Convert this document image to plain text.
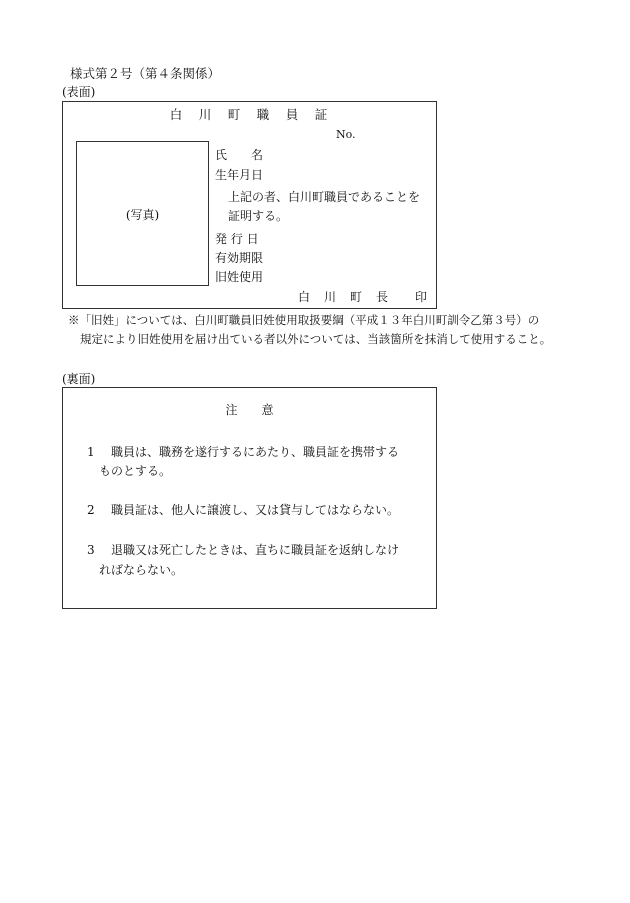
様式第２号（第４条関係）
(表面)
白　川　町　職　員　証
No.
(写真)
氏　　名
生年月日
上記の者、白川町職員であることを
証明する。
発 行 日
有効期限
旧姓使用
白　川　町　長　　印
※「旧姓」については、白川町職員旧姓使用取扱要綱（平成１３年白川町訓令乙第３号）の
規定により旧姓使用を届け出ている者以外については、当該箇所を抹消して使用すること。
(裏面)
注　　意
1 職員は、職務を遂行するにあたり、職員証を携帯する
ものとする。
2 職員証は、他人に譲渡し、又は貸与してはならない。
3 退職又は死亡したときは、直ちに職員証を返納しなけ
ればならない。
